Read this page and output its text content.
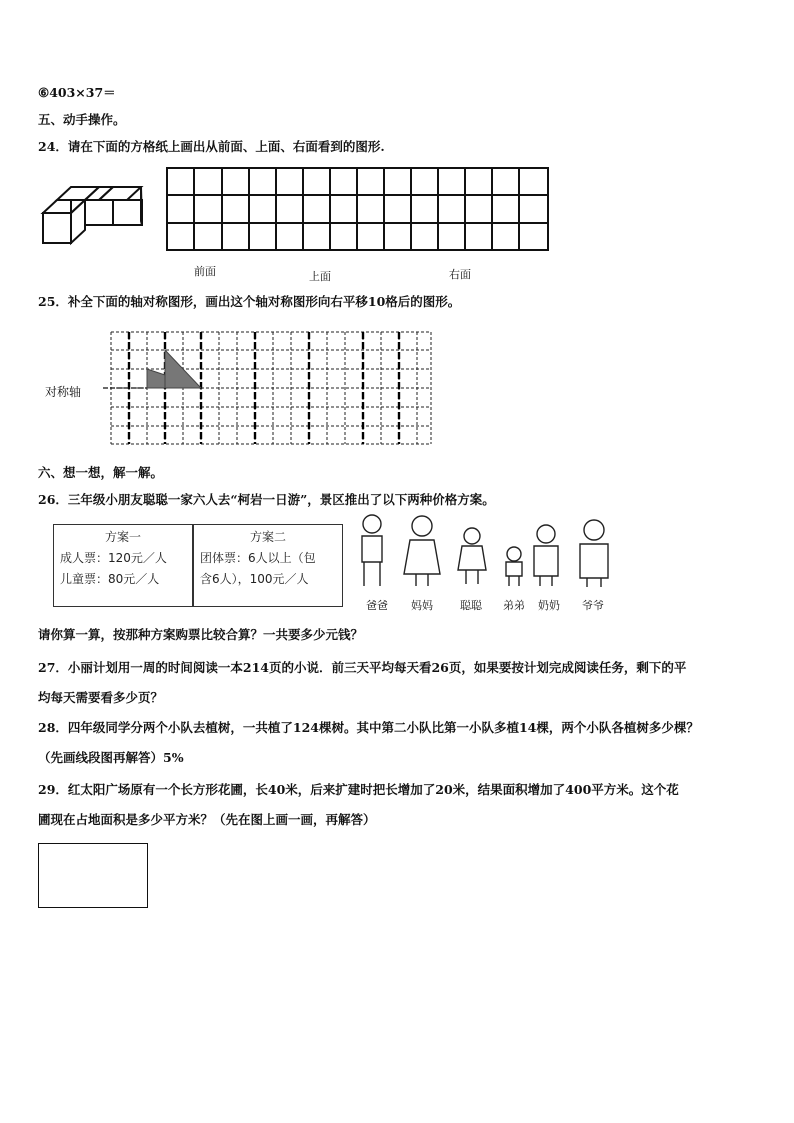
⑥403×37＝
五、动手操作。
24．请在下面的方格纸上画出从前面、上面、右面看到的图形.
前面	上面	右面
25．补全下面的轴对称图形，画出这个轴对称图形向右平移10格后的图形。
对称轴
六、想一想，解一解。
26．三年级小朋友聪聪一家六人去“柯岩一日游”，景区推出了以下两种价格方案。
方案一
成人票：120元／人
儿童票：80元／人
方案二
团体票：6人以上（包
含6人），100元／人
爸爸 妈妈 聪聪 弟弟 奶奶 爷爷
请你算一算，按那种方案购票比较合算？一共要多少元钱？
27．小丽计划用一周的时间阅读一本214页的小说．前三天平均每天看26页，如果要按计划完成阅读任务，剩下的平
均每天需要看多少页？
28．四年级同学分两个小队去植树，一共植了124棵树。其中第二小队比第一小队多植14棵，两个小队各植树多少棵？
（先画线段图再解答）5%
29．红太阳广场原有一个长方形花圃，长40米，后来扩建时把长增加了20米，结果面积增加了400平方米。这个花
圃现在占地面积是多少平方米？（先在图上画一画，再解答）
